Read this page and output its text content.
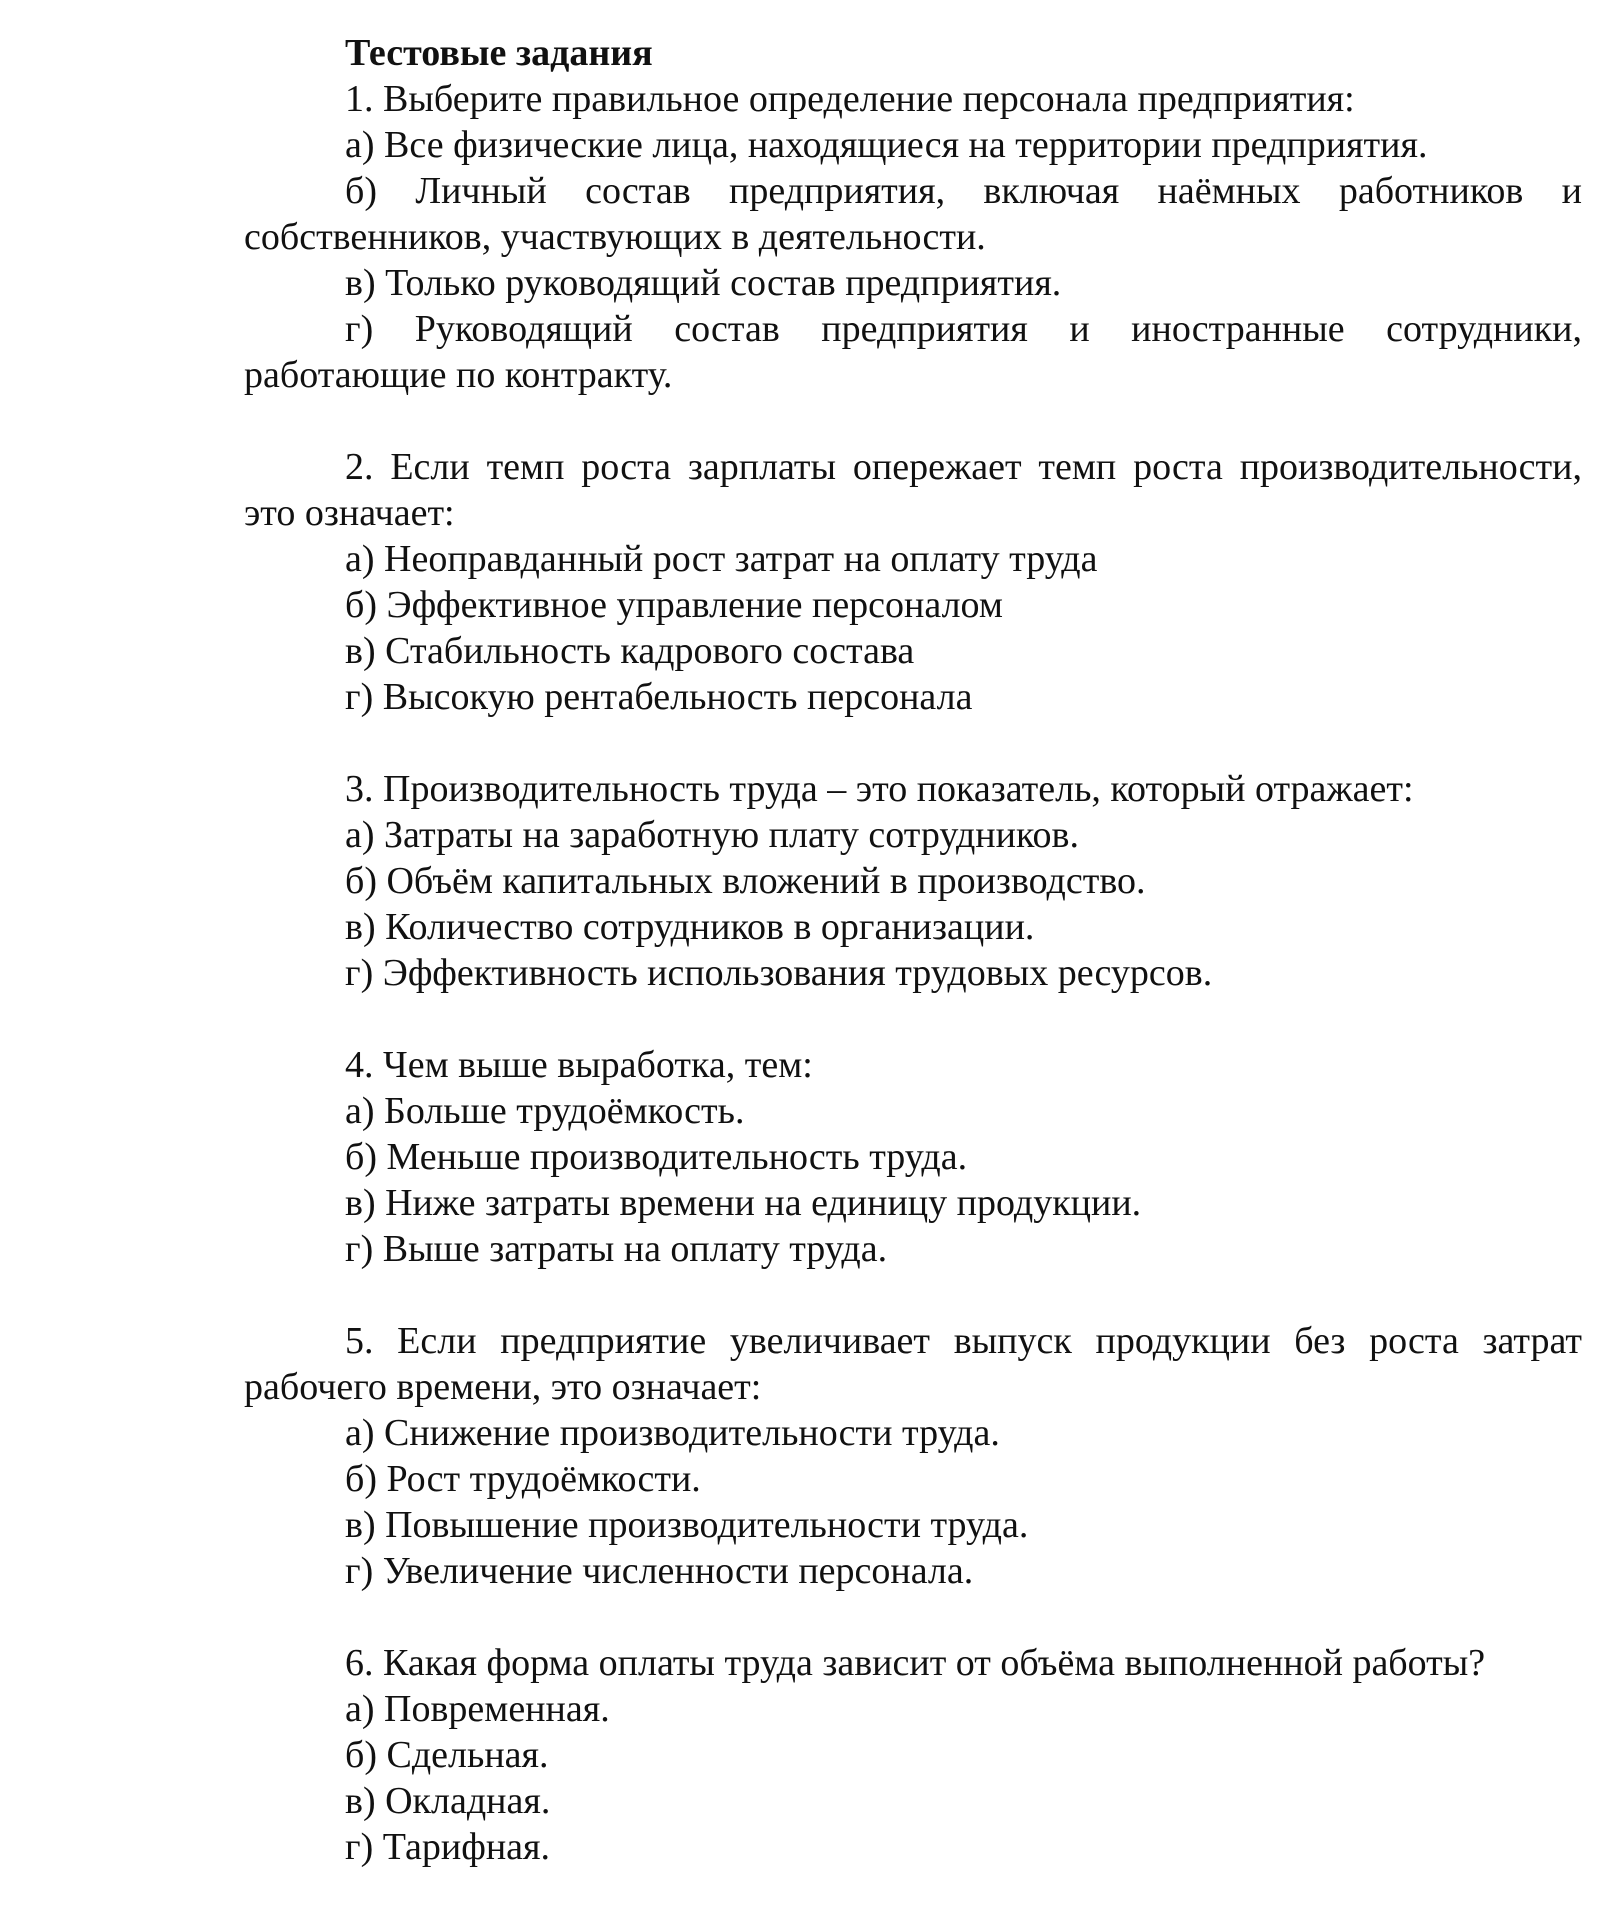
Тестовые задания

1. Выберите правильное определение персонала предприятия:

а) Все физические лица, находящиеся на территории предприятия.

б) Личный состав предприятия, включая наёмных работников и собственников, участвующих в деятельности.

в) Только руководящий состав предприятия.

г) Руководящий состав предприятия и иностранные сотрудники, работающие по контракту.

2. Если темп роста зарплаты опережает темп роста производительности, это означает:

а) Неоправданный рост затрат на оплату труда

б) Эффективное управление персоналом

в) Стабильность кадрового состава

г) Высокую рентабельность персонала

3. Производительность труда – это показатель, который отражает:

а) Затраты на заработную плату сотрудников.

б) Объём капитальных вложений в производство.

в) Количество сотрудников в организации.

г) Эффективность использования трудовых ресурсов.

4. Чем выше выработка, тем:

а) Больше трудоёмкость.

б) Меньше производительность труда.

в) Ниже затраты времени на единицу продукции.

г) Выше затраты на оплату труда.

5. Если предприятие увеличивает выпуск продукции без роста затрат рабочего времени, это означает:

а) Снижение производительности труда.

б) Рост трудоёмкости.

в) Повышение производительности труда.

г) Увеличение численности персонала.

6. Какая форма оплаты труда зависит от объёма выполненной работы?

а) Повременная.

б) Сдельная.

в) Окладная.

г) Тарифная.
